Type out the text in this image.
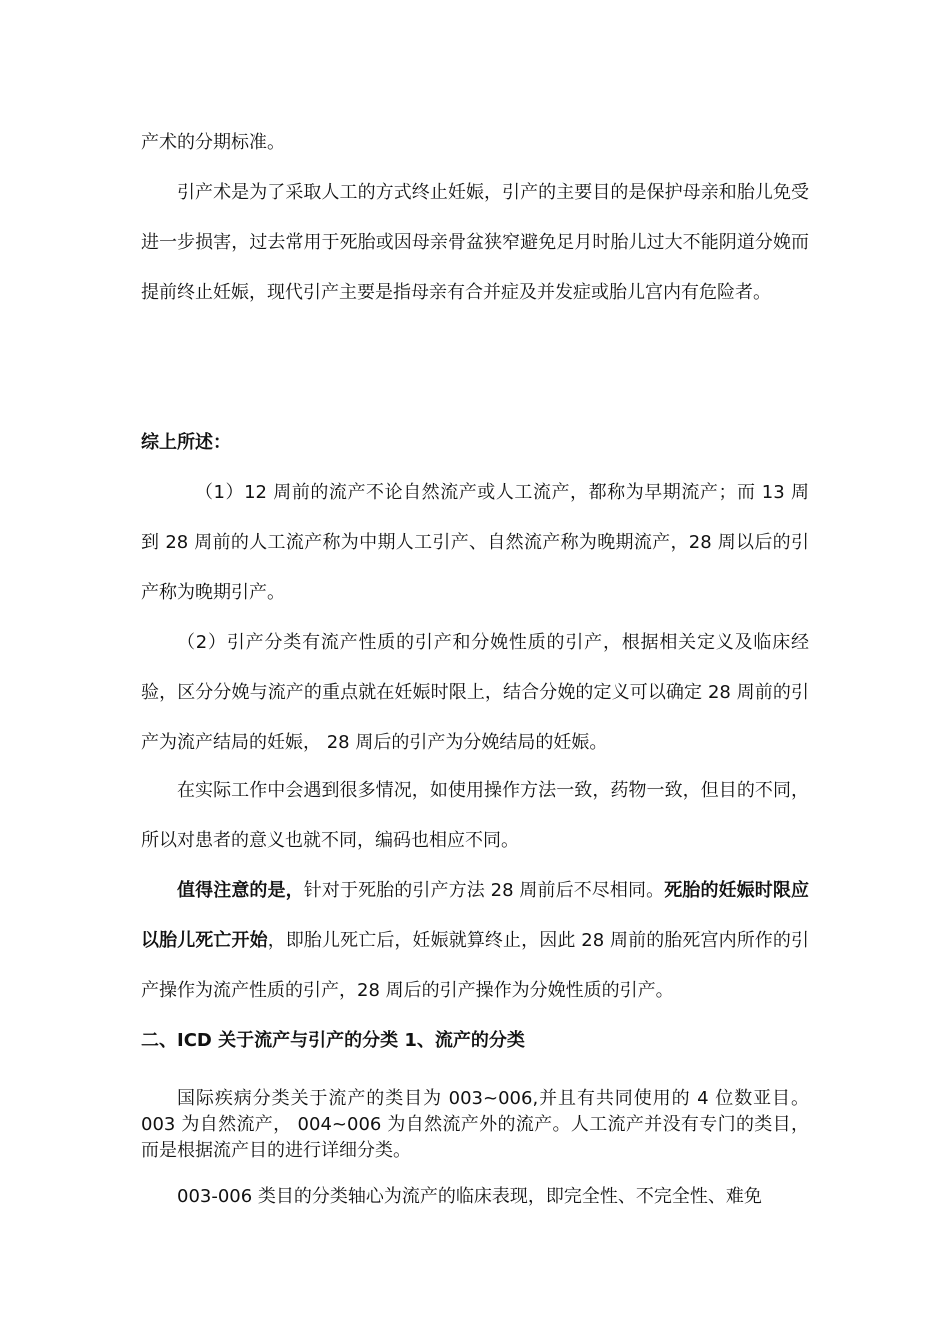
产术的分期标准。

引产术是为了采取人工的方式终止妊娠，引产的主要目的是保护母亲和胎儿免受进一步损害，过去常用于死胎或因母亲骨盆狭窄避免足月时胎儿过大不能阴道分娩而提前终止妊娠，现代引产主要是指母亲有合并症及并发症或胎儿宫内有危险者。

综上所述：

（1）12 周前的流产不论自然流产或人工流产，都称为早期流产；而 13 周到 28 周前的人工流产称为中期人工引产、自然流产称为晚期流产，28 周以后的引产称为晚期引产。

（2）引产分类有流产性质的引产和分娩性质的引产，根据相关定义及临床经验，区分分娩与流产的重点就在妊娠时限上，结合分娩的定义可以确定 28 周前的引产为流产结局的妊娠， 28 周后的引产为分娩结局的妊娠。

在实际工作中会遇到很多情况，如使用操作方法一致，药物一致，但目的不同，所以对患者的意义也就不同，编码也相应不同。

值得注意的是，针对于死胎的引产方法 28 周前后不尽相同。死胎的妊娠时限应以胎儿死亡开始，即胎儿死亡后，妊娠就算终止，因此 28 周前的胎死宫内所作的引产操作为流产性质的引产，28 周后的引产操作为分娩性质的引产。

二、ICD 关于流产与引产的分类 1、流产的分类

国际疾病分类关于流产的类目为 003~006,并且有共同使用的 4 位数亚目。003 为自然流产， 004~006 为自然流产外的流产。人工流产并没有专门的类目，而是根据流产目的进行详细分类。

003-006 类目的分类轴心为流产的临床表现，即完全性、不完全性、难免
